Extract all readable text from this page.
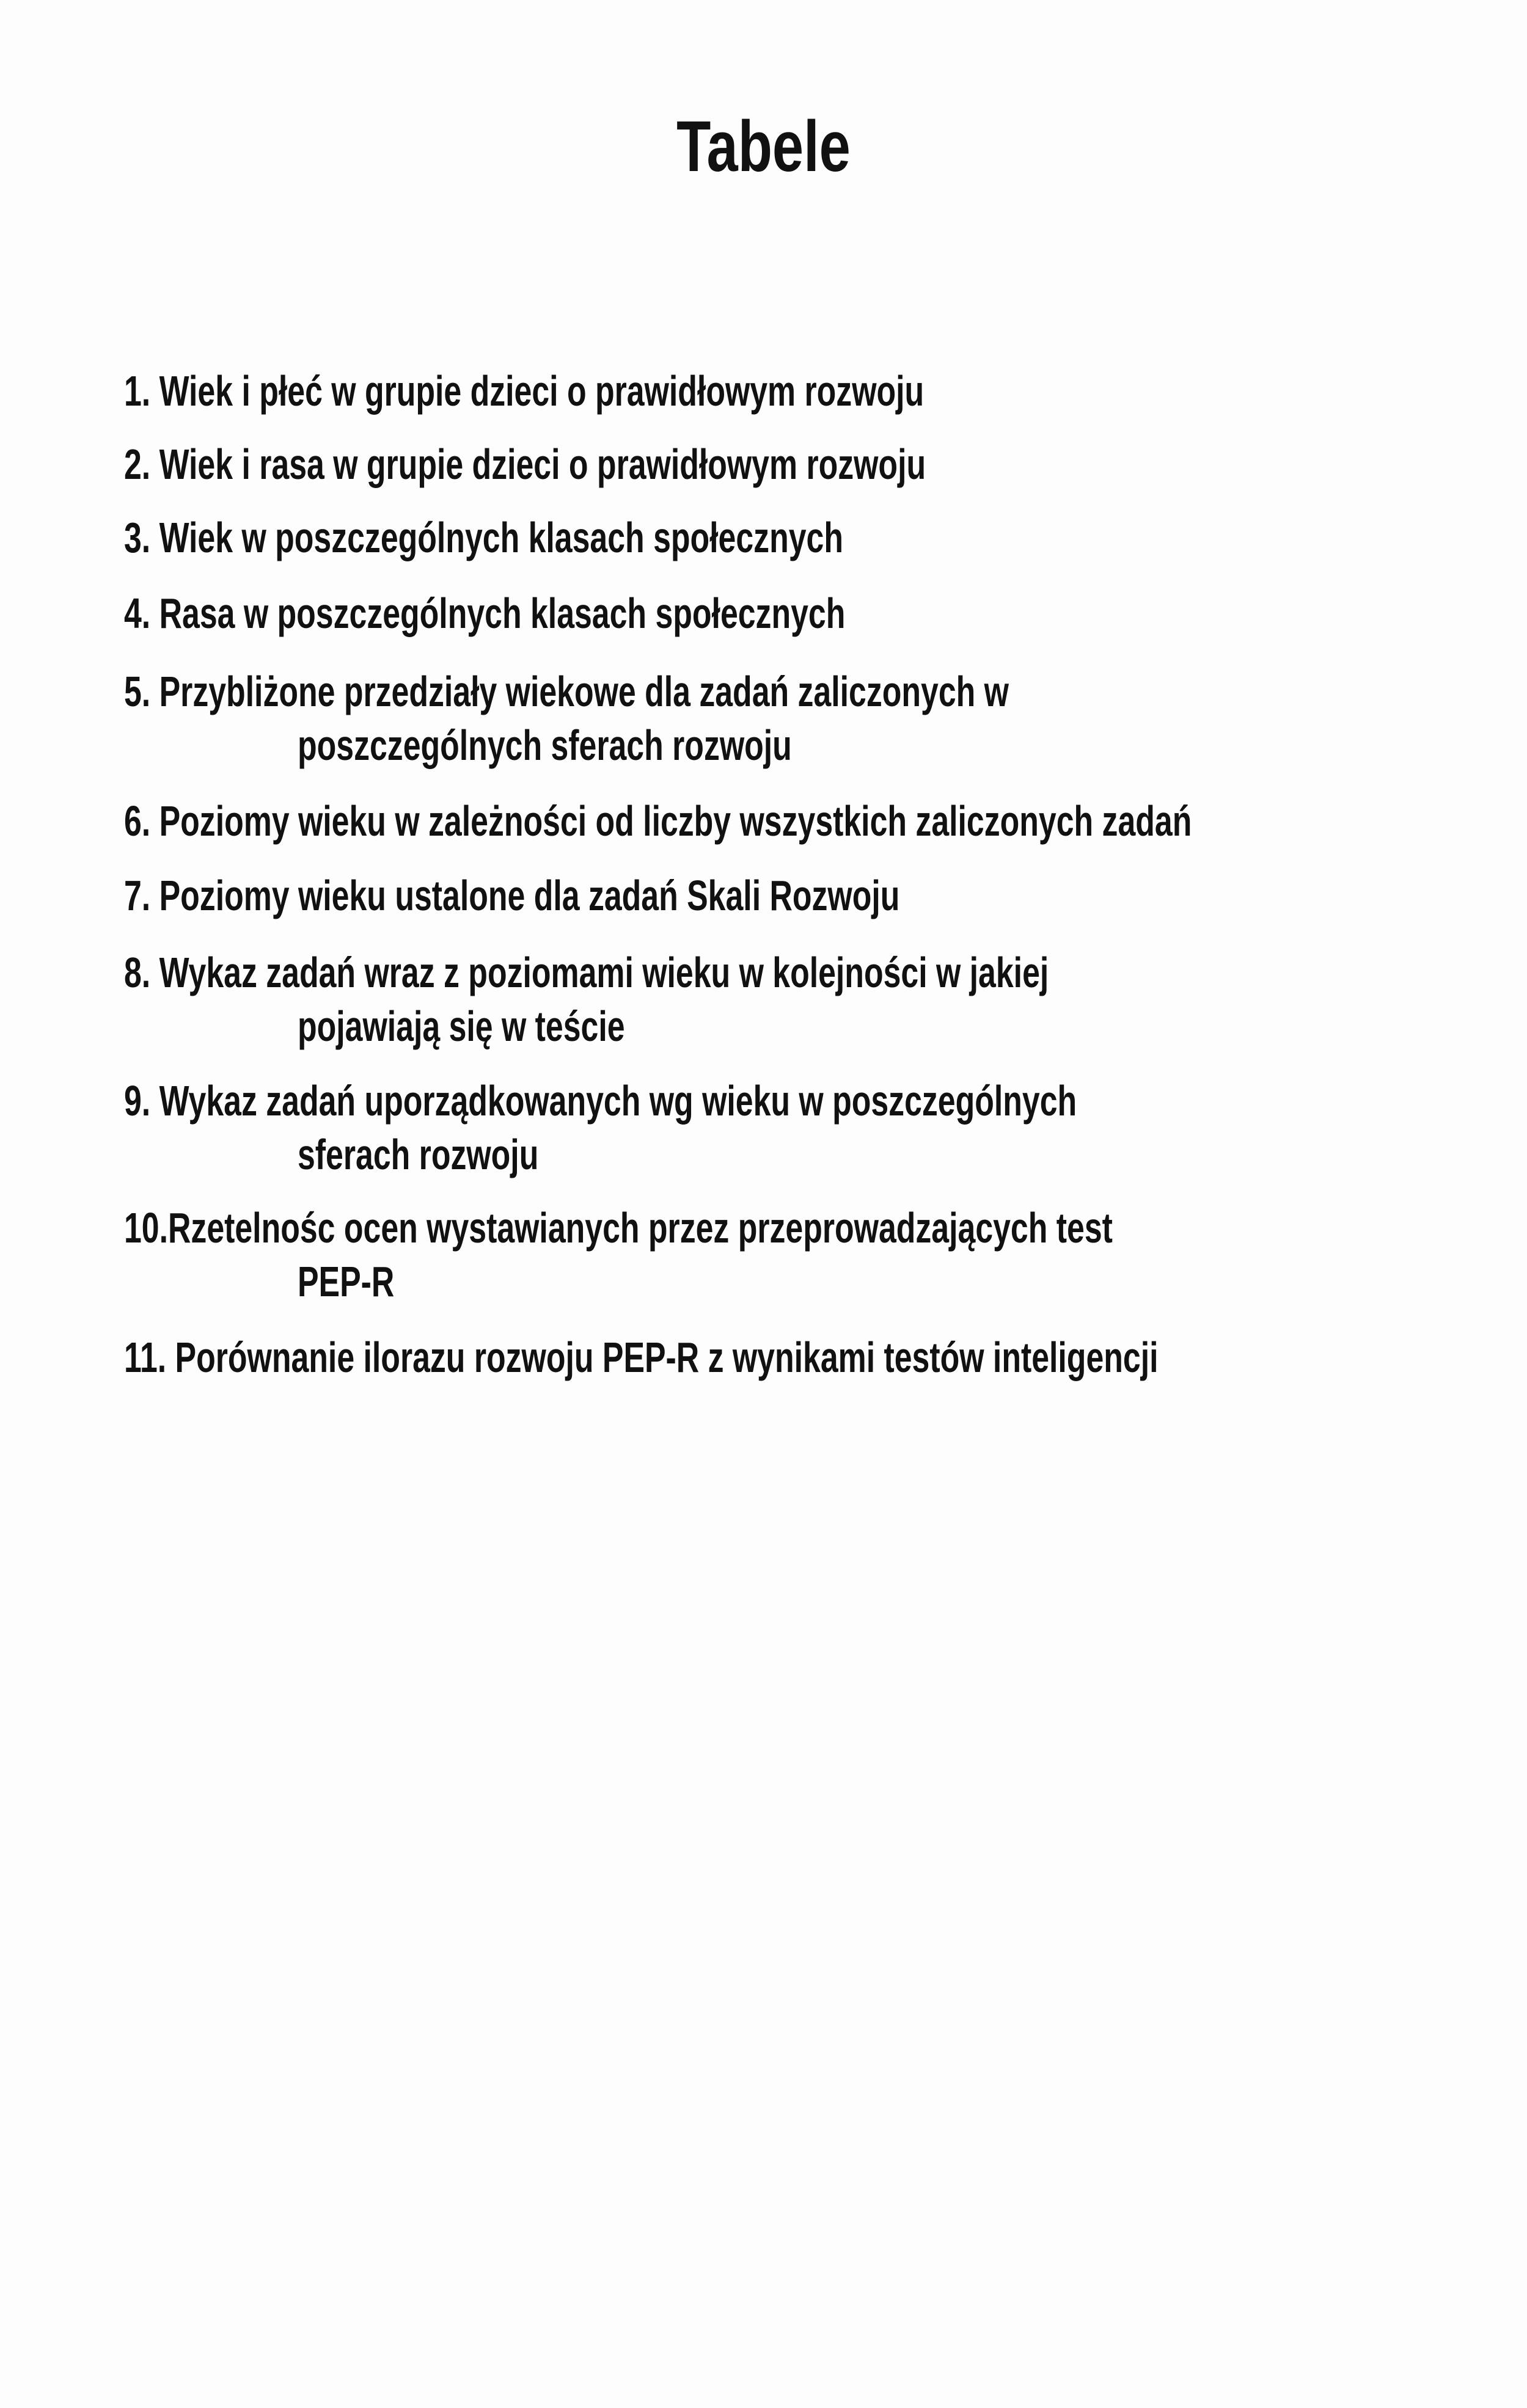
Tabele
1. Wiek i płeć w grupie dzieci o prawidłowym rozwoju
2. Wiek i rasa w grupie dzieci o prawidłowym rozwoju
3. Wiek w poszczególnych klasach społecznych
4. Rasa w poszczególnych klasach społecznych
5. Przybliżone przedziały wiekowe dla zadań zaliczonych w
poszczególnych sferach rozwoju
6. Poziomy wieku w zależności od liczby wszystkich zaliczonych zadań
7. Poziomy wieku ustalone dla zadań Skali Rozwoju
8. Wykaz zadań wraz z poziomami wieku w kolejności w jakiej
pojawiają się w teście
9. Wykaz zadań uporządkowanych wg wieku w poszczególnych
sferach rozwoju
10.Rzetelnośc ocen wystawianych przez przeprowadzających test
PEP-R
11. Porównanie ilorazu rozwoju PEP-R z wynikami testów inteligencji
